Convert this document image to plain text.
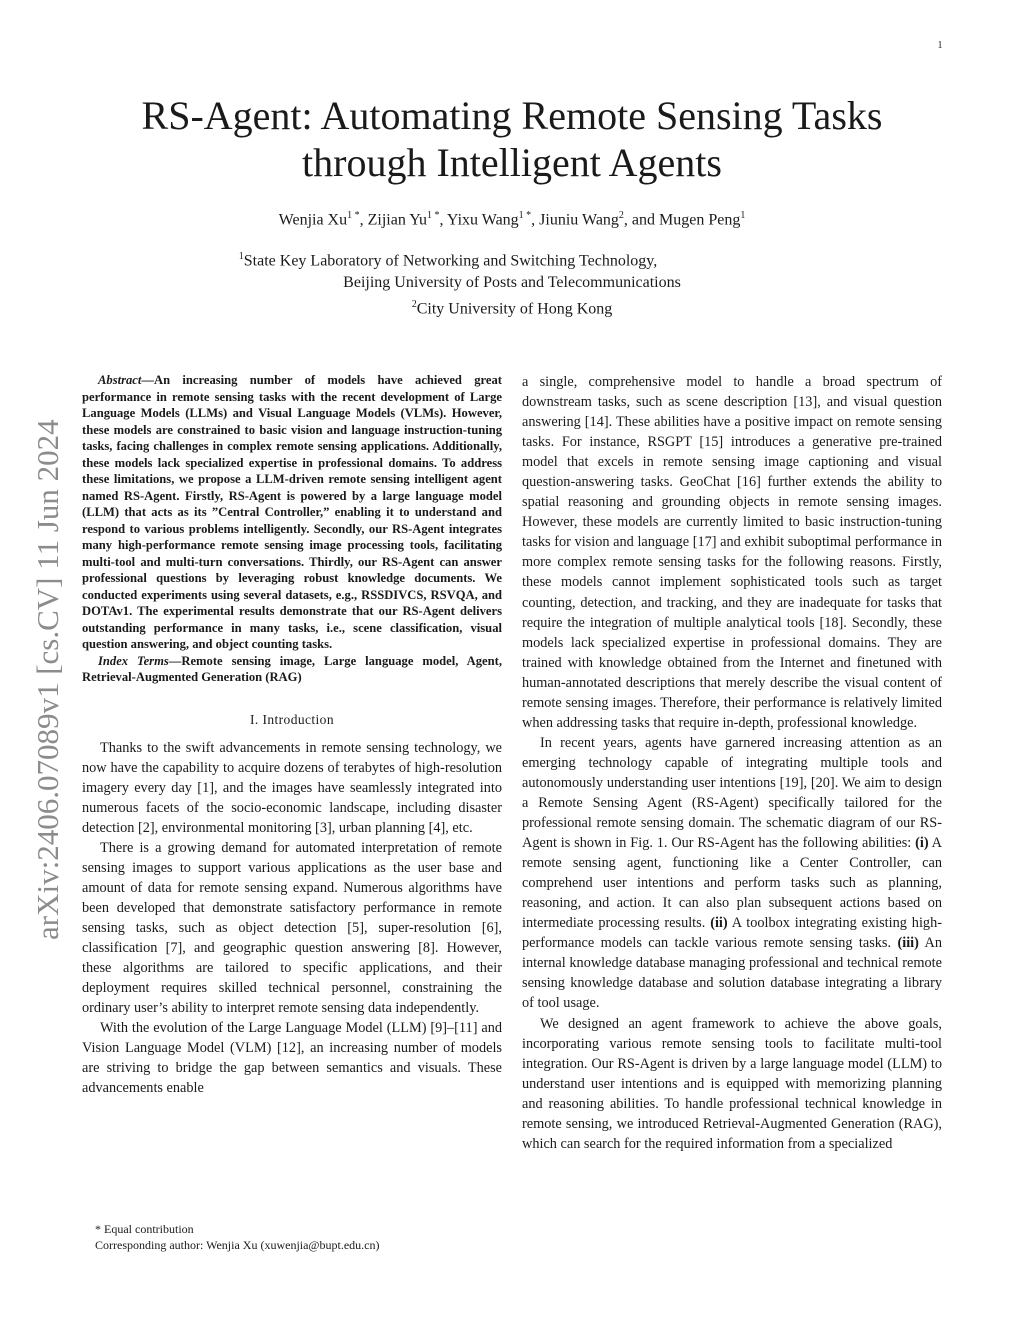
1
arXiv:2406.07089v1 [cs.CV] 11 Jun 2024
RS-Agent: Automating Remote Sensing Tasks
through Intelligent Agents
Wenjia $Xu^{1 *}$, Zijian $Yu^{1 *}$, Yixu Wang$^{1 *}$, Jiuniu Wang$^2$, and Mugen Peng$^1$
$^1$State Key Laboratory of Networking and Switching Technology,
Beijing University of Posts and Telecommunications
$^2$City University of Hong Kong

Abstract—An increasing number of models have achieved great performance in remote sensing tasks with the recent development of Large Language Models (LLMs) and Visual Language Models (VLMs). However, these models are constrained to basic vision and language instruction-tuning tasks, facing challenges in complex remote sensing applications. Additionally, these models lack specialized expertise in professional domains. To address these limitations, we propose a LLM-driven remote sensing intelligent agent named RS-Agent. Firstly, RS-Agent is powered by a large language model (LLM) that acts as its ”Central Controller,” enabling it to understand and respond to various problems intelligently. Secondly, our RS-Agent integrates many high-performance remote sensing image processing tools, facilitating multi-tool and multi-turn conversations. Thirdly, our RS-Agent can answer professional questions by leveraging robust knowledge documents. We conducted experiments using several datasets, e.g., RSSDIVCS, RSVQA, and DOTAv1. The experimental results demonstrate that our RS-Agent delivers outstanding performance in many tasks, i.e., scene classification, visual question answering, and object counting tasks.

Index Terms—Remote sensing image, Large language model, Agent, Retrieval-Augmented Generation (RAG)

I. Introduction

Thanks to the swift advancements in remote sensing technology, we now have the capability to acquire dozens of terabytes of high-resolution imagery every day [1], and the images have seamlessly integrated into numerous facets of the socio-economic landscape, including disaster detection [2], environmental monitoring [3], urban planning [4], etc.

There is a growing demand for automated interpretation of remote sensing images to support various applications as the user base and amount of data for remote sensing expand. Numerous algorithms have been developed that demonstrate satisfactory performance in remote sensing tasks, such as object detection [5], super-resolution [6], classification [7], and geographic question answering [8]. However, these algorithms are tailored to specific applications, and their deployment requires skilled technical personnel, constraining the ordinary user’s ability to interpret remote sensing data independently.

With the evolution of the Large Language Model (LLM) [9]–[11] and Vision Language Model (VLM) [12], an increasing number of models are striving to bridge the gap between semantics and visuals. These advancements enable

a single, comprehensive model to handle a broad spectrum of downstream tasks, such as scene description [13], and visual question answering [14]. These abilities have a positive impact on remote sensing tasks. For instance, RSGPT [15] introduces a generative pre-trained model that excels in remote sensing image captioning and visual question-answering tasks. GeoChat [16] further extends the ability to spatial reasoning and grounding objects in remote sensing images. However, these models are currently limited to basic instruction-tuning tasks for vision and language [17] and exhibit suboptimal performance in more complex remote sensing tasks for the following reasons. Firstly, these models cannot implement sophisticated tools such as target counting, detection, and tracking, and they are inadequate for tasks that require the integration of multiple analytical tools [18]. Secondly, these models lack specialized expertise in professional domains. They are trained with knowledge obtained from the Internet and finetuned with human-annotated descriptions that merely describe the visual content of remote sensing images. Therefore, their performance is relatively limited when addressing tasks that require in-depth, professional knowledge.

In recent years, agents have garnered increasing attention as an emerging technology capable of integrating multiple tools and autonomously understanding user intentions [19], [20]. We aim to design a Remote Sensing Agent (RS-Agent) specifically tailored for the professional remote sensing domain. The schematic diagram of our RS-Agent is shown in Fig. 1. Our RS-Agent has the following abilities: (i) A remote sensing agent, functioning like a Center Controller, can comprehend user intentions and perform tasks such as planning, reasoning, and action. It can also plan subsequent actions based on intermediate processing results. (ii) A toolbox integrating existing high-performance models can tackle various remote sensing tasks. (iii) An internal knowledge database managing professional and technical remote sensing knowledge database and solution database integrating a library of tool usage.

We designed an agent framework to achieve the above goals, incorporating various remote sensing tools to facilitate multi-tool integration. Our RS-Agent is driven by a large language model (LLM) to understand user intentions and is equipped with memorizing planning and reasoning abilities. To handle professional technical knowledge in remote sensing, we introduced Retrieval-Augmented Generation (RAG), which can search for the required information from a specialized

* Equal contribution
Corresponding author: Wenjia Xu (xuwenjia@bupt.edu.cn)
